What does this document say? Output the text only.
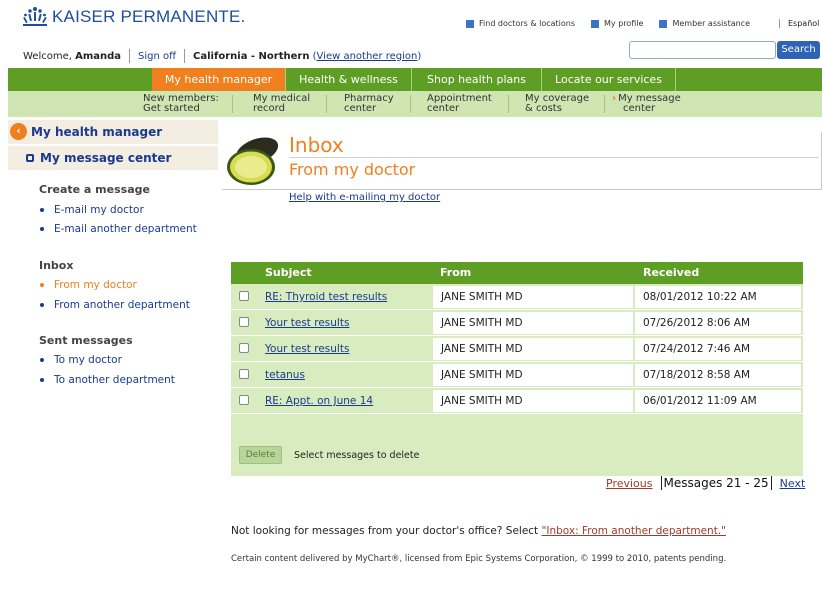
KAISER PERMANENTE.	Find doctors & locations	My profile	Member assistance	Español
Welcome,
Amanda Sign off California - Northern
( View another region )
Search
My health manager	Health & wellness	Shop health plans	Locate our services
New members:
Get started
My medical
record
Pharmacy
center
Appointment
center
My coverage
& costs
› My message
center
‹ My health manager
My message center
Create a message
E-mail my doctor
E-mail another department
Inbox
From my doctor
From another department
Sent messages
To my doctor
To another department
Inbox
From my doctor
Help with e-mailing my doctor
Subject	From	Received
RE: Thyroid test results	JANE SMITH MD	08/01/2012 10:22 AM
Your test results	JANE SMITH MD	07/26/2012 8:06 AM
Your test results	JANE SMITH MD	07/24/2012 7:46 AM
tetanus	JANE SMITH MD	07/18/2012 8:58 AM
RE: Appt. on June 14	JANE SMITH MD	06/01/2012 11:09 AM
Delete	Select messages to delete
Previous Messages 21 - 25 Next
Not looking for messages from your doctor's office? Select "Inbox: From another department."
Certain content delivered by MyChart®, licensed from Epic Systems Corporation, © 1999 to 2010, patents pending.
